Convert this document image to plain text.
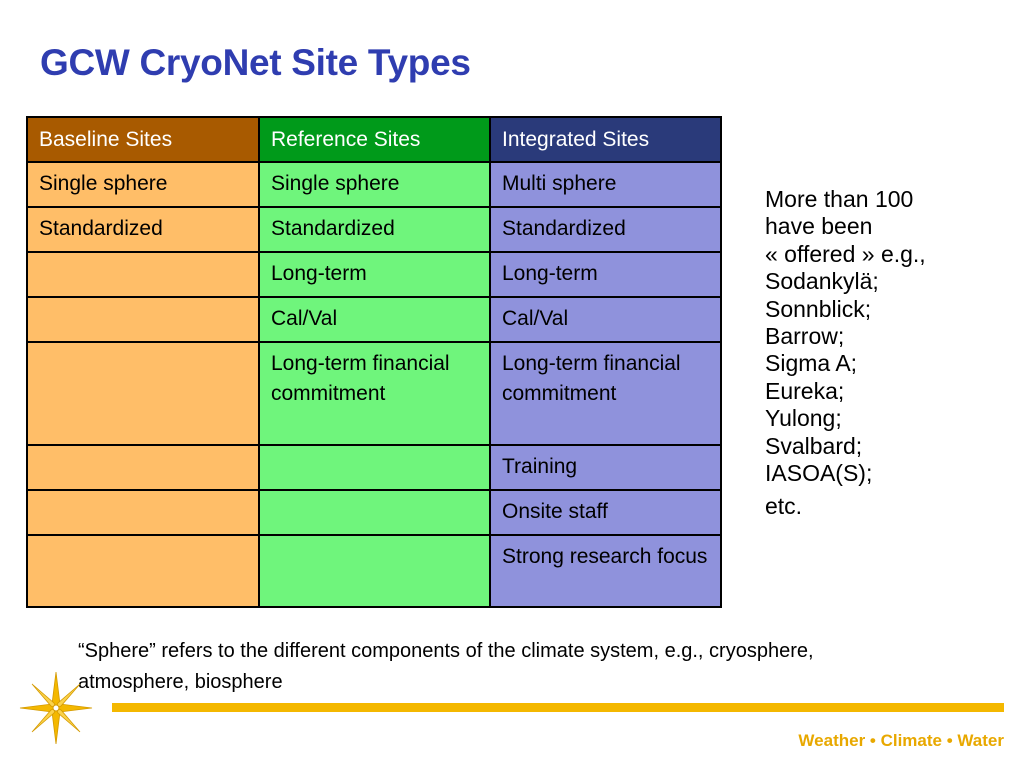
GCW CryoNet Site Types
Baseline Sites	Reference Sites	Integrated Sites
Single sphere	Single sphere	Multi sphere
Standardized	Standardized	Standardized
	Long-term	Long-term
	Cal/Val	Cal/Val
	Long-term financial commitment	Long-term financial commitment
		Training
		Onsite staff
		Strong research focus
More than 100
have been
« offered » e.g.,
Sodankylä;
Sonnblick;
Barrow;
Sigma A;
Eureka;
Yulong;
Svalbard;
IASOA(S);
etc.
“Sphere” refers to the different components of the climate system, e.g., cryosphere, atmosphere, biosphere
Weather • Climate • Water
